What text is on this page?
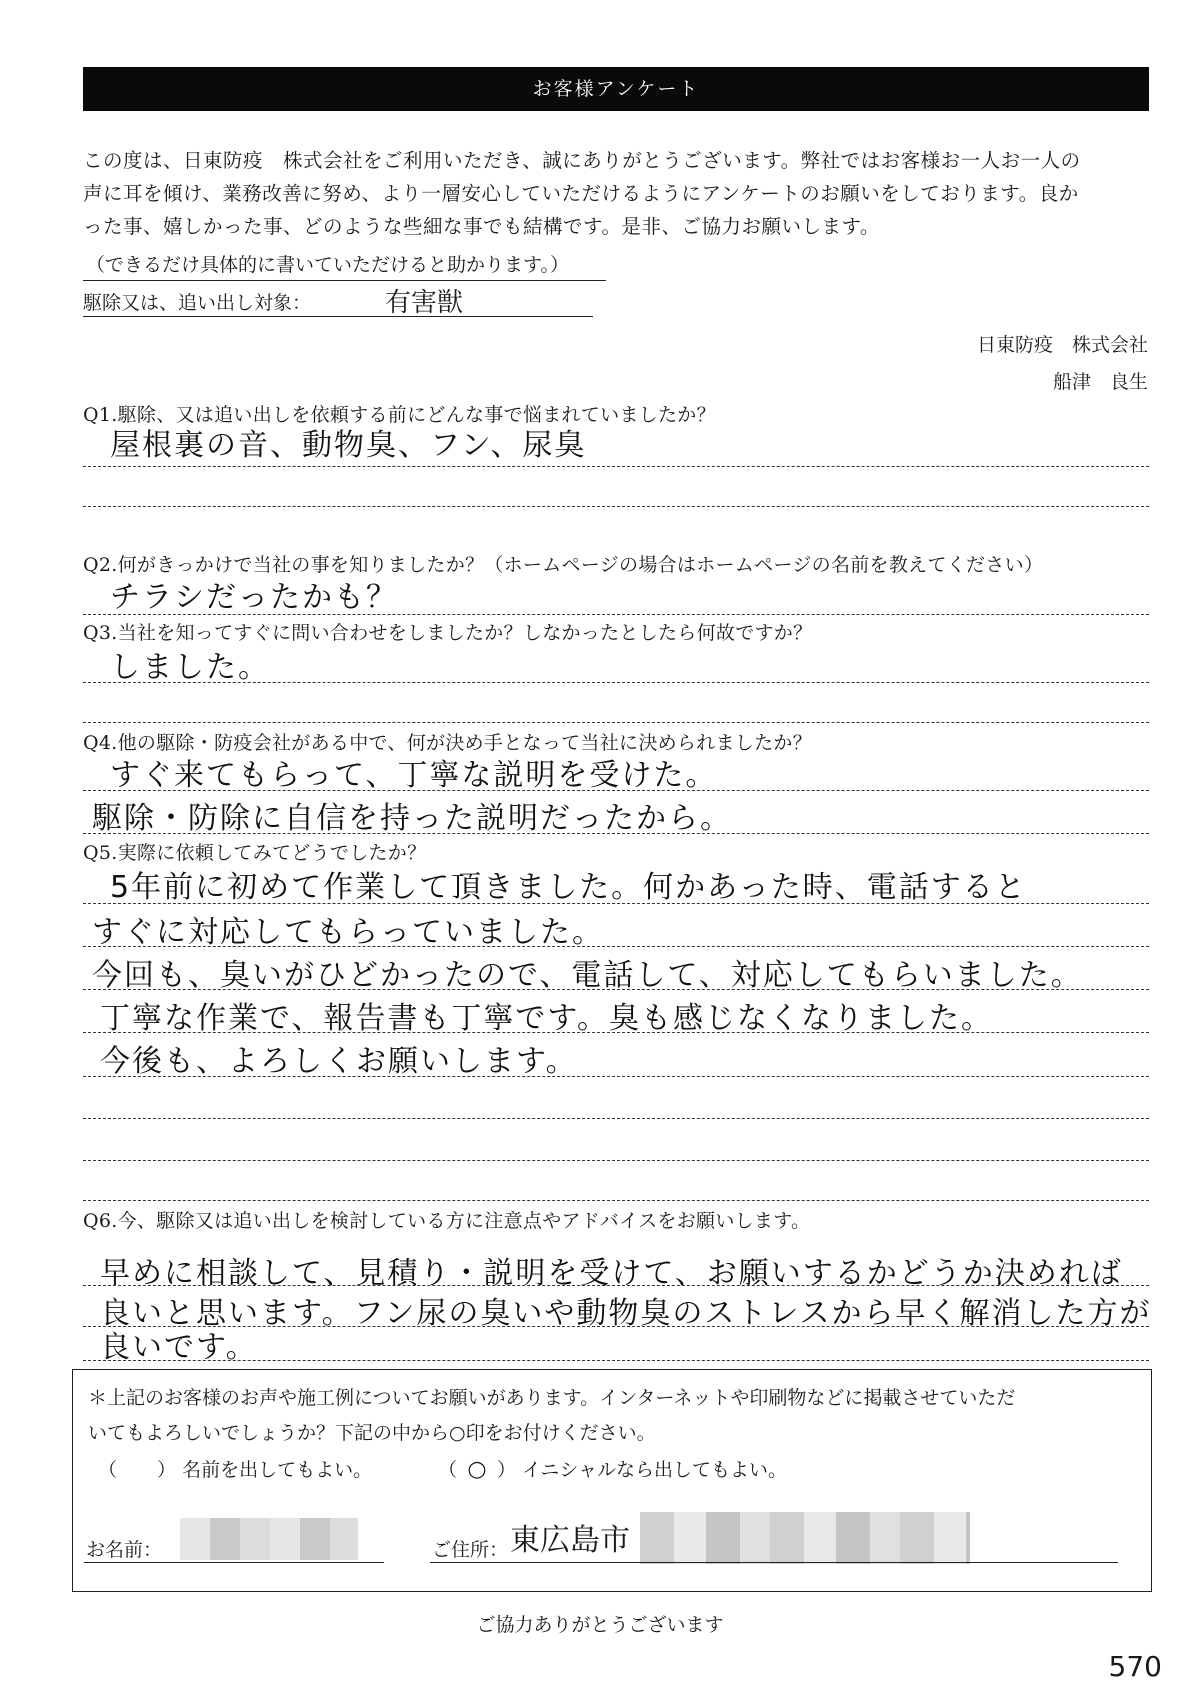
お客様アンケート
この度は、日東防疫　株式会社をご利用いただき、誠にありがとうございます。弊社ではお客様お一人お一人の
声に耳を傾け、業務改善に努め、より一層安心していただけるようにアンケートのお願いをしております。良か
った事、嬉しかった事、どのような些細な事でも結構です。是非、ご協力お願いします。
（できるだけ具体的に書いていただけると助かります。）
駆除又は、追い出し対象：	有害獣
日東防疫　株式会社
船津　良生
Q1.駆除、又は追い出しを依頼する前にどんな事で悩まれていましたか？
屋根裏の音、動物臭、フン、尿臭
Q2.何がきっかけで当社の事を知りましたか？（ホームページの場合はホームページの名前を教えてください）
チラシだったかも？
Q3.当社を知ってすぐに問い合わせをしましたか？しなかったとしたら何故ですか？
しました。
Q4.他の駆除・防疫会社がある中で、何が決め手となって当社に決められましたか？
すぐ来てもらって、丁寧な説明を受けた。
駆除・防除に自信を持った説明だったから。
Q5.実際に依頼してみてどうでしたか？
5年前に初めて作業して頂きました。何かあった時、電話すると
すぐに対応してもらっていました。
今回も、臭いがひどかったので、電話して、対応してもらいました。
丁寧な作業で、報告書も丁寧です。臭も感じなくなりました。
今後も、よろしくお願いします。
Q6.今、駆除又は追い出しを検討している方に注意点やアドバイスをお願いします。
早めに相談して、見積り・説明を受けて、お願いするかどうか決めれば
良いと思います。フン尿の臭いや動物臭のストレスから早く解消した方が
良いです。
＊上記のお客様のお声や施工例についてお願いがあります。インターネットや印刷物などに掲載させていただ
いてもよろしいでしょうか？下記の中から○印をお付けください。
（ ） 名前を出してもよい。	（ ○ ） イニシャルなら出してもよい。
お名前：	ご住所： 東広島市
ご協力ありがとうございます
570
